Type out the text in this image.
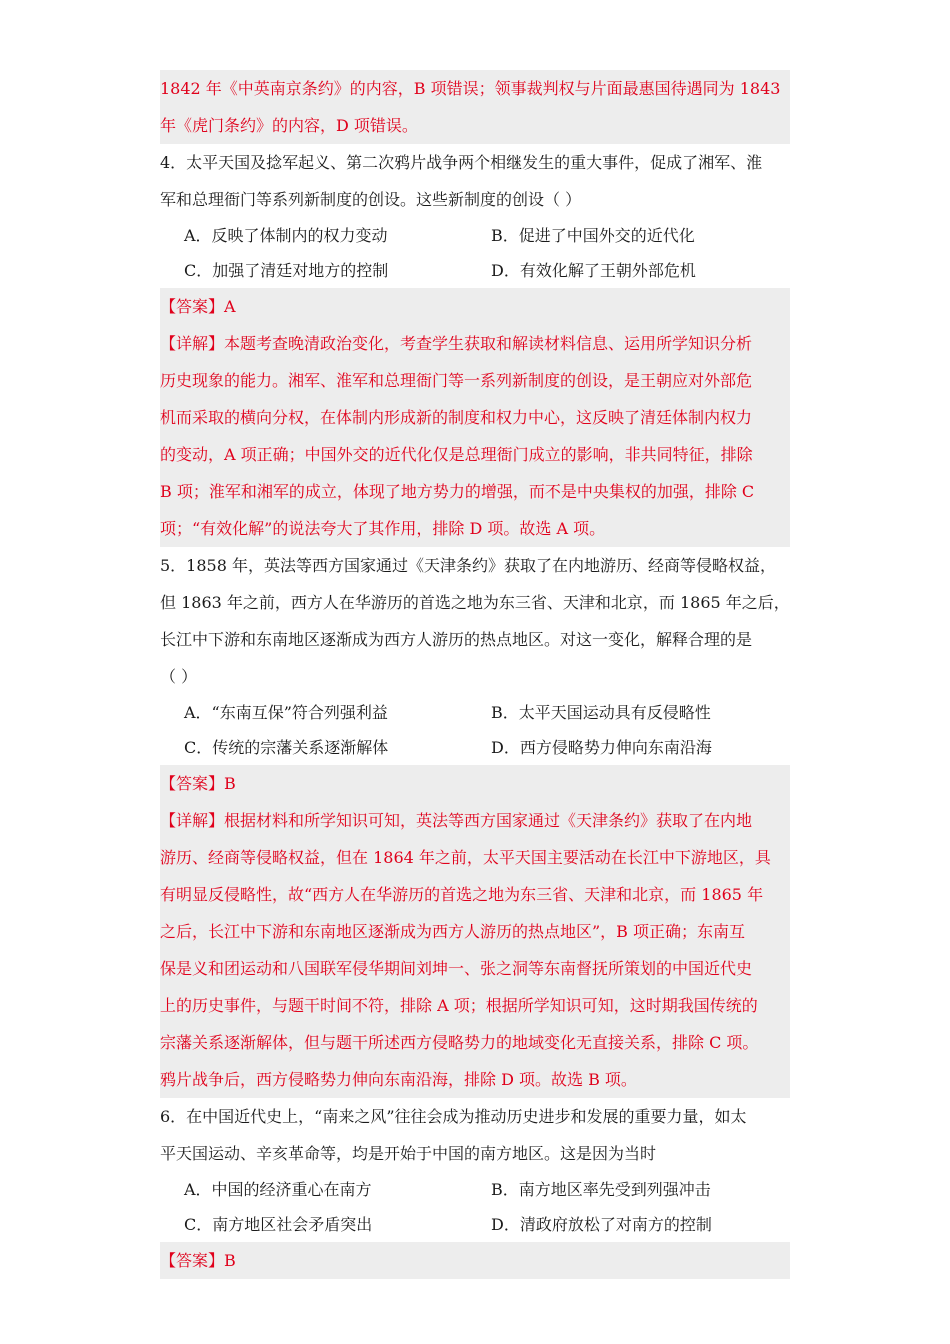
1842 年《中英南京条约》的内容，B 项错误；领事裁判权与片面最惠国待遇同为 1843
年《虎门条约》的内容，D 项错误。
4．太平天国及捻军起义、第二次鸦片战争两个相继发生的重大事件，促成了湘军、淮
军和总理衙门等系列新制度的创设。这些新制度的创设（ ）
A．反映了体制内的权力变动	B．促进了中国外交的近代化
C．加强了清廷对地方的控制	D．有效化解了王朝外部危机
【答案】A
【详解】本题考查晚清政治变化，考查学生获取和解读材料信息、运用所学知识分析
历史现象的能力。湘军、淮军和总理衙门等一系列新制度的创设，是王朝应对外部危
机而采取的横向分权，在体制内形成新的制度和权力中心，这反映了清廷体制内权力
的变动，A 项正确；中国外交的近代化仅是总理衙门成立的影响，非共同特征，排除
B 项；淮军和湘军的成立，体现了地方势力的增强，而不是中央集权的加强，排除 C
项；“有效化解”的说法夸大了其作用，排除 D 项。故选 A 项。
5．1858 年，英法等西方国家通过《天津条约》获取了在内地游历、经商等侵略权益，
但 1863 年之前，西方人在华游历的首选之地为东三省、天津和北京，而 1865 年之后，
长江中下游和东南地区逐渐成为西方人游历的热点地区。对这一变化，解释合理的是
（ ）
A．“东南互保”符合列强利益	B．太平天国运动具有反侵略性
C．传统的宗藩关系逐渐解体	D．西方侵略势力伸向东南沿海
【答案】B
【详解】根据材料和所学知识可知，英法等西方国家通过《天津条约》获取了在内地
游历、经商等侵略权益，但在 1864 年之前，太平天国主要活动在长江中下游地区，具
有明显反侵略性，故“西方人在华游历的首选之地为东三省、天津和北京，而 1865 年
之后，长江中下游和东南地区逐渐成为西方人游历的热点地区”，B 项正确；东南互
保是义和团运动和八国联军侵华期间刘坤一、张之洞等东南督抚所策划的中国近代史
上的历史事件，与题干时间不符，排除 A 项；根据所学知识可知，这时期我国传统的
宗藩关系逐渐解体，但与题干所述西方侵略势力的地域变化无直接关系，排除 C 项。
鸦片战争后，西方侵略势力伸向东南沿海，排除 D 项。故选 B 项。
6．在中国近代史上，“南来之风”往往会成为推动历史进步和发展的重要力量，如太
平天国运动、辛亥革命等，均是开始于中国的南方地区。这是因为当时
A．中国的经济重心在南方	B．南方地区率先受到列强冲击
C．南方地区社会矛盾突出	D．清政府放松了对南方的控制
【答案】B
